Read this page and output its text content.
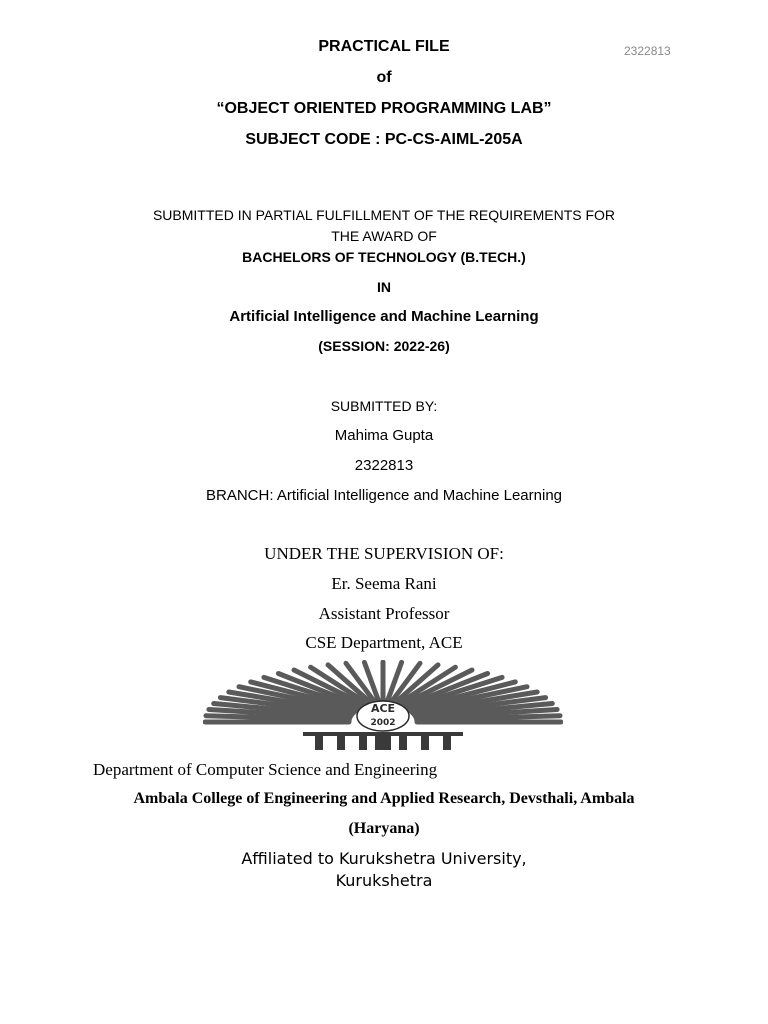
PRACTICAL FILE	2322813
of
“OBJECT ORIENTED PROGRAMMING LAB”
SUBJECT CODE : PC-CS-AIML-205A
SUBMITTED IN PARTIAL FULFILLMENT OF THE REQUIREMENTS FOR
THE AWARD OF
BACHELORS OF TECHNOLOGY (B.TECH.)
IN
Artificial Intelligence and Machine Learning
(SESSION: 2022-26)
SUBMITTED BY:
Mahima Gupta
2322813
BRANCH: Artificial Intelligence and Machine Learning
UNDER THE SUPERVISION OF:
Er. Seema Rani
Assistant Professor
CSE Department, ACE
ACE
2002
Department of Computer Science and Engineering
Ambala College of Engineering and Applied Research, Devsthali, Ambala
(Haryana)
Affiliated to Kurukshetra University,
Kurukshetra
